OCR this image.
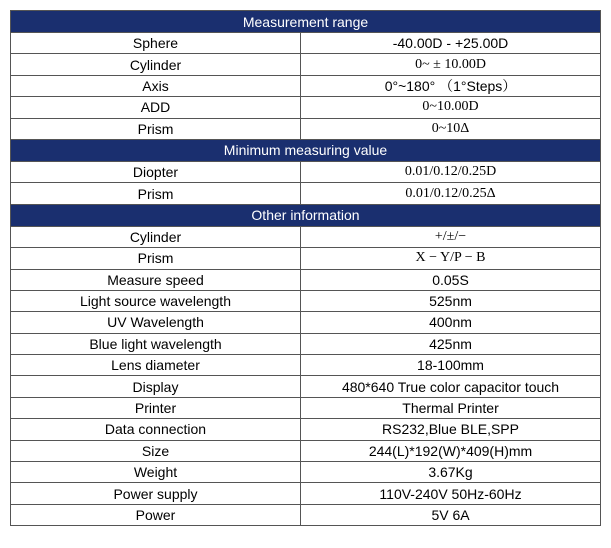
Measurement range	
Sphere	-40.00D - +25.00D
Cylinder	0~ ± 10.00D
Axis	0°~180° （1°Steps）
ADD	0~10.00D
Prism	0~10Δ
Minimum measuring value	
Diopter	0.01/0.12/0.25D
Prism	0.01/0.12/0.25Δ
Other information	
Cylinder	+/±/−
Prism	X − Y/P − B
Measure speed	0.05S
Light source wavelength	525nm
UV Wavelength	400nm
Blue light wavelength	425nm
Lens diameter	18-100mm
Display	480*640 True color capacitor touch
Printer	Thermal Printer
Data connection	RS232,Blue BLE,SPP
Size	244(L)*192(W)*409(H)mm
Weight	3.67Kg
Power supply	110V-240V 50Hz-60Hz
Power	5V 6A
